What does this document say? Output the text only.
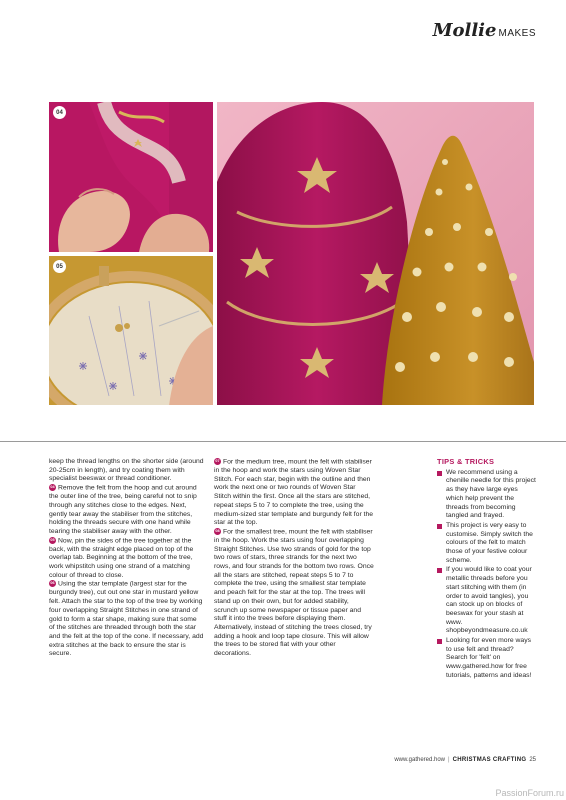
Mollie MAKES
04
05

keep the thread lengths on the shorter side (around 20-25cm in length), and try coating them with specialist beeswax or thread conditioner.

04 Remove the felt from the hoop and cut around the outer line of the tree, being careful not to snip through any stitches close to the edges. Next, gently tear away the stabiliser from the stitches, holding the threads secure with one hand while tearing the stabiliser away with the other.

05 Now, pin the sides of the tree together at the back, with the straight edge placed on top of the overlap tab. Beginning at the bottom of the tree, work whipstitch using one strand of a matching colour of thread to close.

06 Using the star template (largest star for the burgundy tree), cut out one star in mustard yellow felt. Attach the star to the top of the tree by working four overlapping Straight Stitches in one strand of gold to form a star shape, making sure that some of the stitches are threaded through both the star and the felt at the top of the cone. If necessary, add extra stitches at the back to ensure the star is secure.

07 For the medium tree, mount the felt with stabiliser in the hoop and work the stars using Woven Star Stitch. For each star, begin with the outline and then work the next one or two rounds of Woven Star Stitch within the first. Once all the stars are stitched, repeat steps 5 to 7 to complete the tree, using the medium-sized star template and burgundy felt for the star at the top.

08 For the smallest tree, mount the felt with stabiliser in the hoop. Work the stars using four overlapping Straight Stitches. Use two strands of gold for the top two rows of stars, three strands for the next two rows, and four strands for the bottom two rows. Once all the stars are stitched, repeat steps 5 to 7 to complete the tree, using the smallest star template and peach felt for the star at the top. The trees will stand up on their own, but for added stability, scrunch up some newspaper or tissue paper and stuff it into the trees before displaying them. Alternatively, instead of stitching the trees closed, try adding a hook and loop tape closure. This will allow the trees to be stored flat with your other decorations.

TIPS & TRICKS
We recommend using a chenille needle for this project as they have large eyes which help prevent the threads from becoming tangled and frayed.
This project is very easy to customise. Simply switch the colours of the felt to match those of your festive colour scheme.
If you would like to coat your metallic threads before you start stitching with them (in order to avoid tangles), you can stock up on blocks of beeswax for your stash at www. shopbeyondmeasure.co.uk
Looking for even more ways to use felt and thread? Search for 'felt' on www.gathered.how for free tutorials, patterns and ideas!
www.gathered.how | CHRISTMAS CRAFTING 25
PassionForum.ru
